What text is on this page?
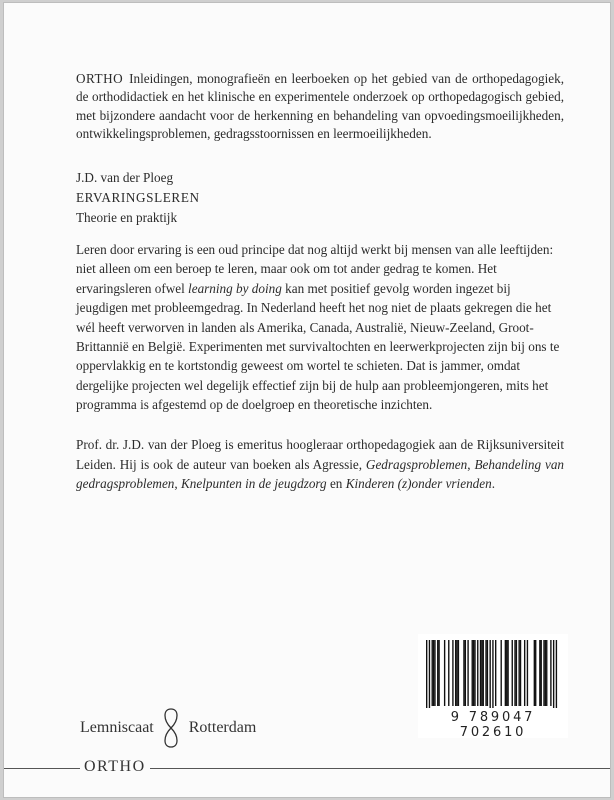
ORTHO Inleidingen, monografieën en leerboeken op het gebied van de orthopedagogiek, de orthodidactiek en het klinische en experimentele onderzoek op orthopedagogisch gebied, met bijzondere aandacht voor de herkenning en behandeling van opvoedingsmoeilijkheden, ontwikkelingsproblemen, gedragsstoornissen en leermoeilijkheden.

J.D. van der Ploeg
ERVARINGSLEREN
Theorie en praktijk

Leren door ervaring is een oud principe dat nog altijd werkt bij mensen van alle leeftijden: niet alleen om een beroep te leren, maar ook om tot ander gedrag te komen. Het ervaringsleren ofwel learning by doing kan met positief gevolg worden ingezet bij jeugdigen met probleemgedrag. In Nederland heeft het nog niet de plaats gekregen die het wél heeft verworven in landen als Amerika, Canada, Australië, Nieuw-Zeeland, Groot-Brittannië en België. Experimenten met survivaltochten en leerwerkprojecten zijn bij ons te oppervlakkig en te kortstondig geweest om wortel te schieten. Dat is jammer, omdat dergelijke projecten wel degelijk effectief zijn bij de hulp aan probleemjongeren, mits het programma is afgestemd op de doelgroep en theoretische inzichten.

Prof. dr. J.D. van der Ploeg is emeritus hoogleraar orthopedagogiek aan de Rijksuniversiteit Leiden. Hij is ook de auteur van boeken als Agressie, Gedragsproblemen, Behandeling van gedragsproblemen, Knelpunten in de jeugdzorg en Kinderen (z)onder vrienden.

9 789047 702610
Lemniscaat Rotterdam
ORTHO
